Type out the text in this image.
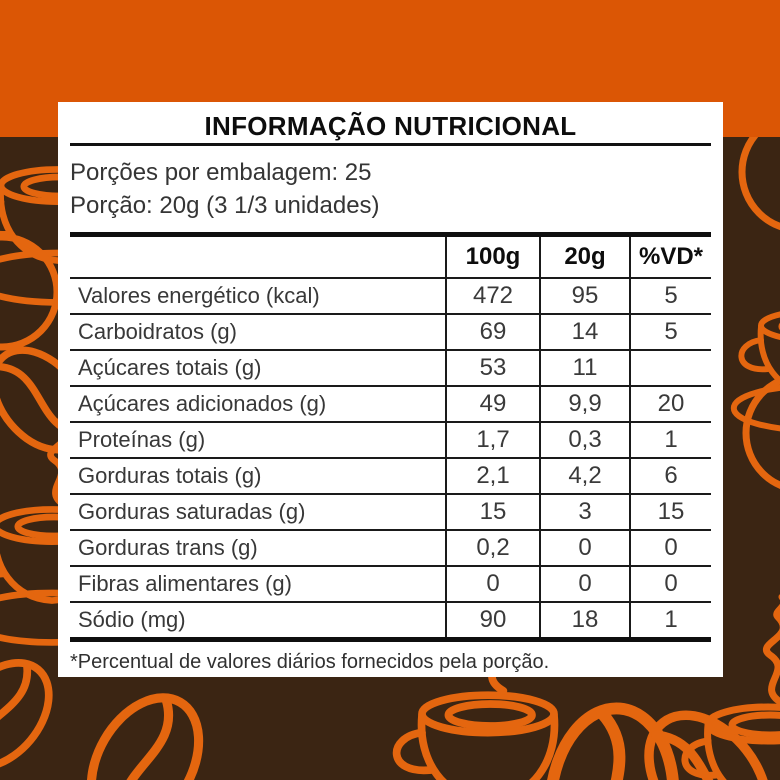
INFORMAÇÃO NUTRICIONAL
Porções por embalagem: 25
Porção: 20g (3 1/3 unidades)
	100g	20g	%VD*
Valores energético (kcal)	472	95	5
Carboidratos (g)	69	14	5
Açúcares totais (g)	53	11	
Açúcares adicionados (g)	49	9,9	20
Proteínas (g)	1,7	0,3	1
Gorduras totais (g)	2,1	4,2	6
Gorduras saturadas (g)	15	3	15
Gorduras trans (g)	0,2	0	0
Fibras alimentares (g)	0	0	0
Sódio (mg)	90	18	1
*Percentual de valores diários fornecidos pela porção.
